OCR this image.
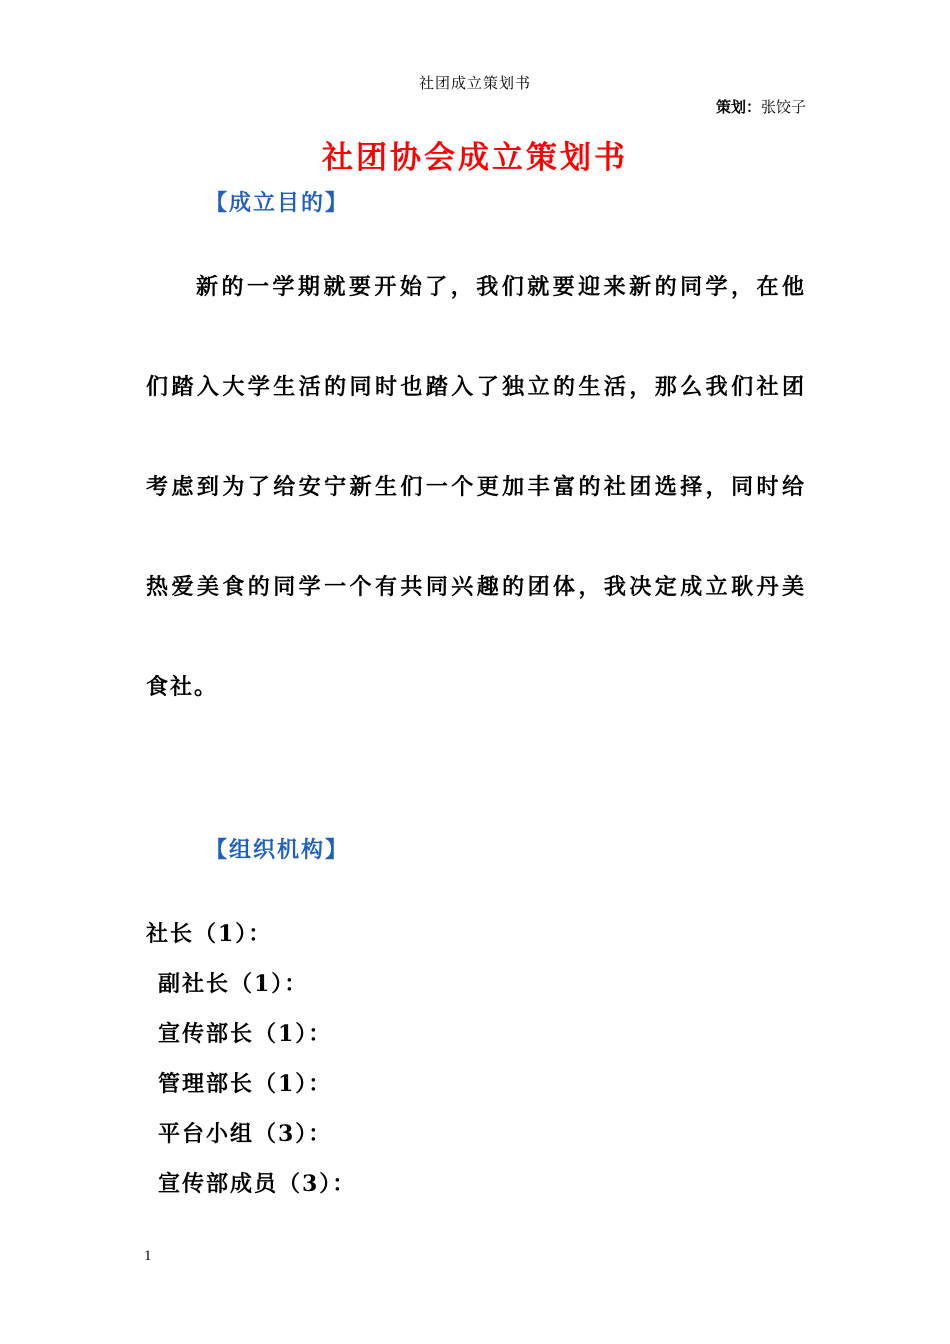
社团成立策划书
策划：张饺子
社团协会成立策划书
【成立目的】
新的一学期就要开始了，我们就要迎来新的同学，在他
们踏入大学生活的同时也踏入了独立的生活，那么我们社团
考虑到为了给安宁新生们一个更加丰富的社团选择，同时给
热爱美食的同学一个有共同兴趣的团体，我决定成立耿丹美
食社。
【组织机构】
社长（1）：
副社长（1）：
宣传部长（1）：
管理部长（1）：
平台小组（3）：
宣传部成员（3）：
1
